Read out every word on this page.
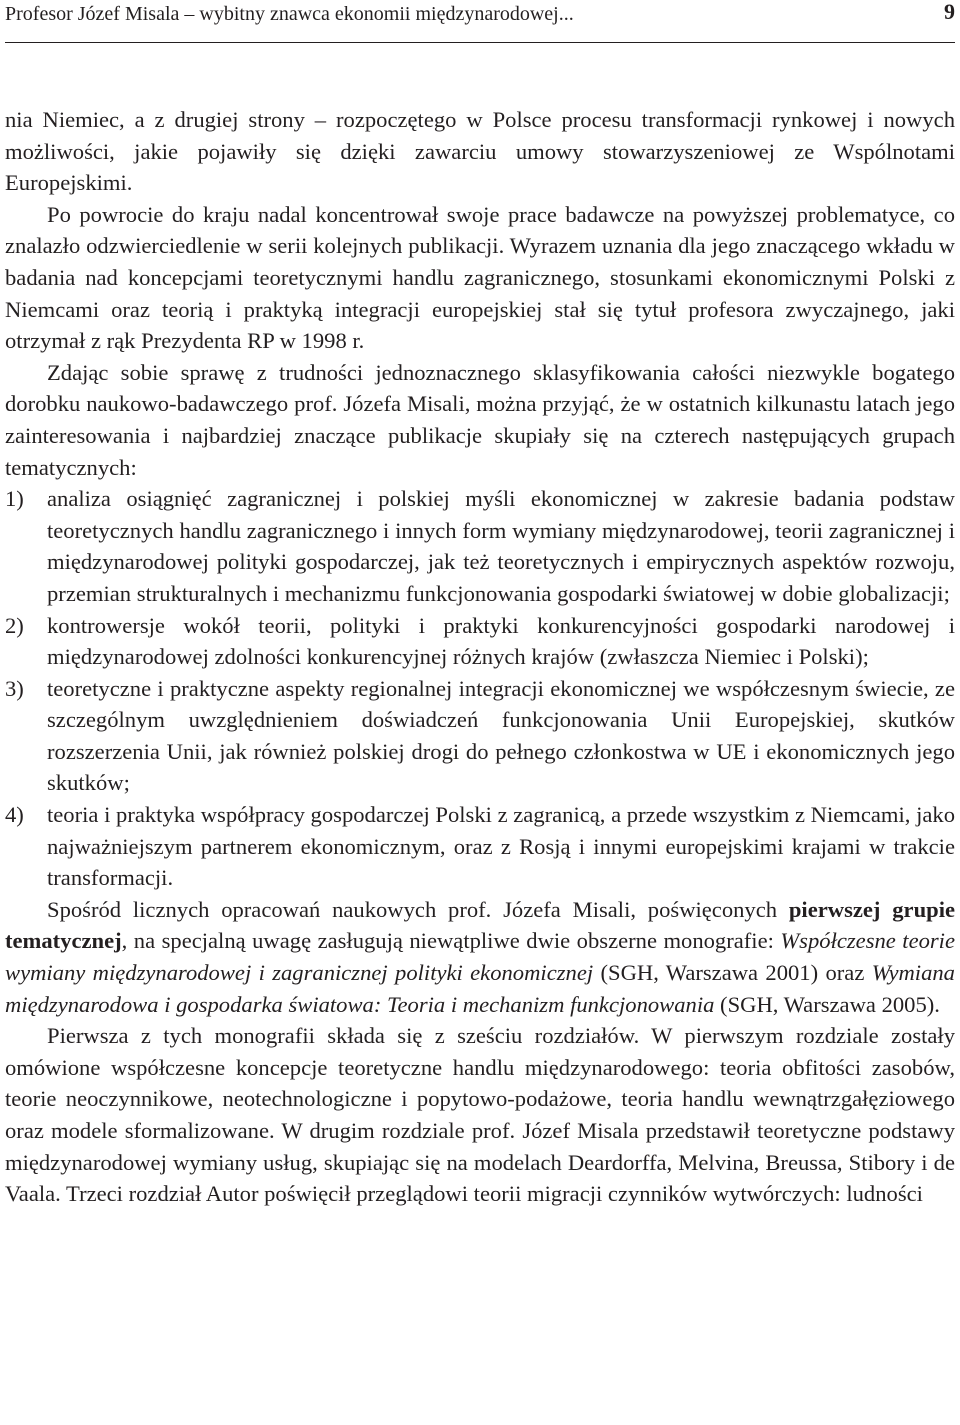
Profesor Józef Misala – wybitny znawca ekonomii międzynarodowej...	9

nia Niemiec, a z drugiej strony – rozpoczętego w Polsce procesu transformacji rynkowej i nowych możliwości, jakie pojawiły się dzięki zawarciu umowy stowarzyszeniowej ze Wspólnotami Europejskimi.

Po powrocie do kraju nadal koncentrował swoje prace badawcze na powyższej problematyce, co znalazło odzwierciedlenie w serii kolejnych publikacji. Wyrazem uznania dla jego znaczącego wkładu w badania nad koncepcjami teoretycznymi handlu zagranicznego, stosunkami ekonomicznymi Polski z Niemcami oraz teorią i praktyką integracji europejskiej stał się tytuł profesora zwyczajnego, jaki otrzymał z rąk Prezydenta RP w 1998 r.

Zdając sobie sprawę z trudności jednoznacznego sklasyfikowania całości niezwykle bogatego dorobku naukowo-badawczego prof. Józefa Misali, można przyjąć, że w ostatnich kilkunastu latach jego zainteresowania i najbardziej znaczące publikacje skupiały się na czterech następujących grupach tematycznych:

1) analiza osiągnięć zagranicznej i polskiej myśli ekonomicznej w zakresie badania podstaw teoretycznych handlu zagranicznego i innych form wymiany międzynarodowej, teorii zagranicznej i międzynarodowej polityki gospodarczej, jak też teoretycznych i empirycznych aspektów rozwoju, przemian strukturalnych i mechanizmu funkcjonowania gospodarki światowej w dobie globalizacji;
2) kontrowersje wokół teorii, polityki i praktyki konkurencyjności gospodarki narodowej i międzynarodowej zdolności konkurencyjnej różnych krajów (zwłaszcza Niemiec i Polski);
3) teoretyczne i praktyczne aspekty regionalnej integracji ekonomicznej we współczesnym świecie, ze szczególnym uwzględnieniem doświadczeń funkcjonowania Unii Europejskiej, skutków rozszerzenia Unii, jak również polskiej drogi do pełnego członkostwa w UE i ekonomicznych jego skutków;
4) teoria i praktyka współpracy gospodarczej Polski z zagranicą, a przede wszystkim z Niemcami, jako najważniejszym partnerem ekonomicznym, oraz z Rosją i innymi europejskimi krajami w trakcie transformacji.

Spośród licznych opracowań naukowych prof. Józefa Misali, poświęconych pierwszej grupie tematycznej, na specjalną uwagę zasługują niewątpliwe dwie obszerne monografie: Współczesne teorie wymiany międzynarodowej i zagranicznej polityki ekonomicznej (SGH, Warszawa 2001) oraz Wymiana międzynarodowa i gospodarka światowa: Teoria i mechanizm funkcjonowania (SGH, Warszawa 2005).

Pierwsza z tych monografii składa się z sześciu rozdziałów. W pierwszym rozdziale zostały omówione współczesne koncepcje teoretyczne handlu międzynarodowego: teoria obfitości zasobów, teorie neoczynnikowe, neotechnologiczne i popytowo-podażowe, teoria handlu wewnątrzgałęziowego oraz modele sformalizowane. W drugim rozdziale prof. Józef Misala przedstawił teoretyczne podstawy międzynarodowej wymiany usług, skupiając się na modelach Deardorffa, Melvina, Breussa, Stibory i de Vaala. Trzeci rozdział Autor poświęcił przeglądowi teorii migracji czynników wytwórczych: ludności
